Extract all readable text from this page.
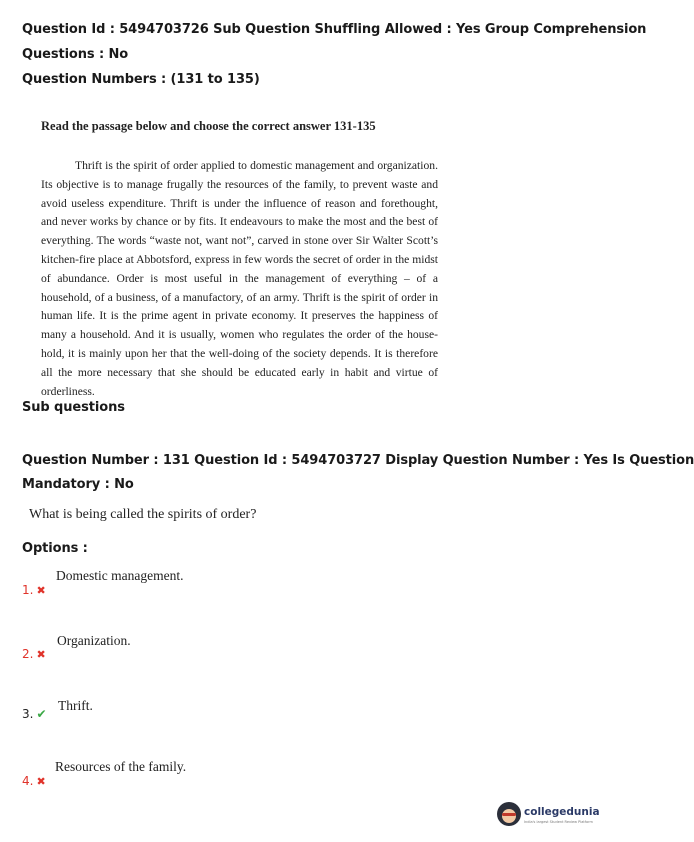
Question Id : 5494703726 Sub Question Shuffling Allowed : Yes Group Comprehension
Questions : No
Question Numbers : (131 to 135)
Read the passage below and choose the correct answer 131-135

Thrift is the spirit of order applied to domestic management and organization. Its objective is to manage frugally the resources of the family, to prevent waste and avoid useless expenditure. Thrift is under the influence of reason and forethought, and never works by chance or by fits. It endeavours to make the most and the best of everything. The words “waste not, want not”, carved in stone over Sir Walter Scott’s kitchen-fire place at Abbotsford, express in few words the secret of order in the midst of abundance. Order is most useful in the management of everything – of a household, of a business, of a manufactory, of an army. Thrift is the spirit of order in human life. It is the prime agent in private economy. It preserves the happiness of many a household. And it is usually, women who regulates the order of the house-hold, it is mainly upon her that the well-doing of the society depends. It is therefore all the more necessary that she should be educated early in habit and virtue of orderliness.

Sub questions
Question Number : 131 Question Id : 5494703727 Display Question Number : Yes Is Question
Mandatory : No
What is being called the spirits of order?
Options :
1. ✖
Domestic management.
2. ✖
Organization.
3. ✔
Thrift.
4. ✖
Resources of the family.
collegedunia
India's largest Student Review Platform
